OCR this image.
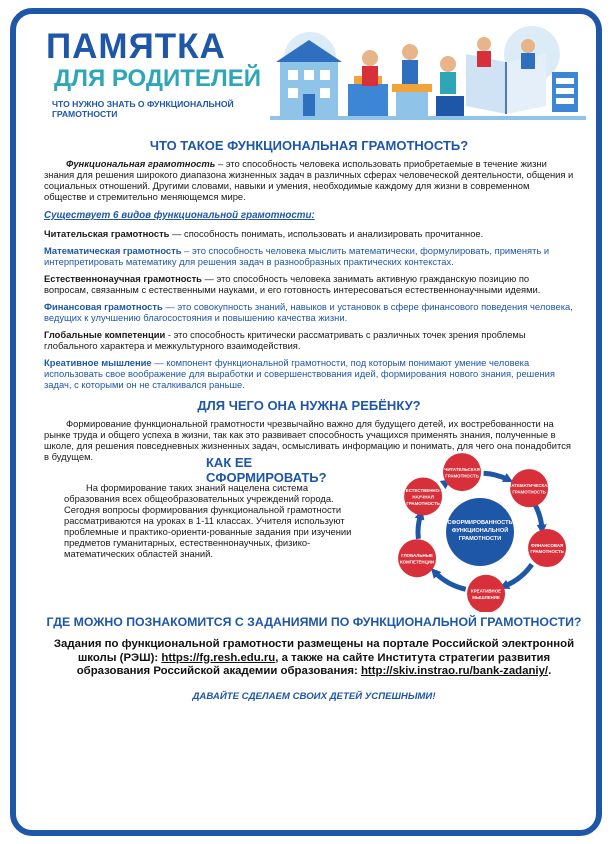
ПАМЯТКА
ДЛЯ РОДИТЕЛЕЙ
ЧТО НУЖНО ЗНАТЬ О ФУНКЦИОНАЛЬНОЙ ГРАМОТНОСТИ
ЧТО ТАКОЕ ФУНКЦИОНАЛЬНАЯ ГРАМОТНОСТЬ?

Функциональная грамотность – это способность человека использовать приобретаемые в течение жизни знания для решения широкого диапазона жизненных задач в различных сферах человеческой деятельности, общения и социальных отношений. Другими словами, навыки и умения, необходимые каждому для жизни в современном обществе и стремительно меняющемся мире.

Существует 6 видов функциональной грамотности:

Читательская грамотность — способность понимать, использовать и анализировать прочитанное.

Математическая грамотность – это способность человека мыслить математически, формулировать, применять и интерпретировать математику для решения задач в разнообразных практических контекстах.

Естественнонаучная грамотность — это способность человека занимать активную гражданскую позицию по вопросам, связанным с естественными науками, и его готовность интересоваться естественнонаучными идеями.

Финансовая грамотность — это совокупность знаний, навыков и установок в сфере финансового поведения человека, ведущих к улучшению благосостояния и повышению качества жизни.

Глобальные компетенции - это способность критически рассматривать с различных точек зрения проблемы глобального характера и межкультурного взаимодействия.

Креативное мышление — компонент функциональной грамотности, под которым понимают умение человека использовать свое воображение для выработки и совершенствования идей, формирования нового знания, решения задач, с которыми он не сталкивался раньше.

ДЛЯ ЧЕГО ОНА НУЖНА РЕБЁНКУ?

Формирование функциональной грамотности чрезвычайно важно для будущего детей, их востребованности на рынке труда и общего успеха в жизни, так как это развивает способность учащихся применять знания, полученные в школе, для решения повседневных жизненных задач, осмысливать информацию и понимать, для чего она понадобится в будущем.	КАК ЕЕ СФОРМИРОВАТЬ?

На формирование таких знаний нацелена система образования всех общеобразовательных учреждений города. Сегодня вопросы формирования функциональной грамотности рассматриваются на уроках в 1-11 классах. Учителя используют проблемные и практико-ориенти-рованные задания при изучении предметов гуманитарных, естественнонаучных, физико-математических областей знаний.

СФОРМИРОВАННОСТЬ
ФУНКЦИОНАЛЬНОЙ
ГРАМОТНОСТИ
ЧИТАТЕЛЬСКАЯ
ГРАМОТНОСТЬ
МАТЕМАТИЧЕСКАЯ
ГРАМОТНОСТЬ
ФИНАНСОВАЯ
ГРАМОТНОСТЬ
КРЕАТИВНОЕ
МЫШЛЕНИЕ
ГЛОБАЛЬНЫЕ
КОМПЕТЕНЦИИ
ЕСТЕСТВЕННО-
НАУЧНАЯ
ГРАМОТНОСТЬ
ГДЕ МОЖНО ПОЗНАКОМИТСЯ С ЗАДАНИЯМИ ПО ФУНКЦИОНАЛЬНОЙ ГРАМОТНОСТИ?
Задания по функциональной грамотности размещены на портале Российской электронной школы (РЭШ): https://fg.resh.edu.ru, а также на сайте Института стратегии развития образования Российской академии образования: http://skiv.instrao.ru/bank-zadaniy/.
ДАВАЙТЕ СДЕЛАЕМ СВОИХ ДЕТЕЙ УСПЕШНЫМИ!
